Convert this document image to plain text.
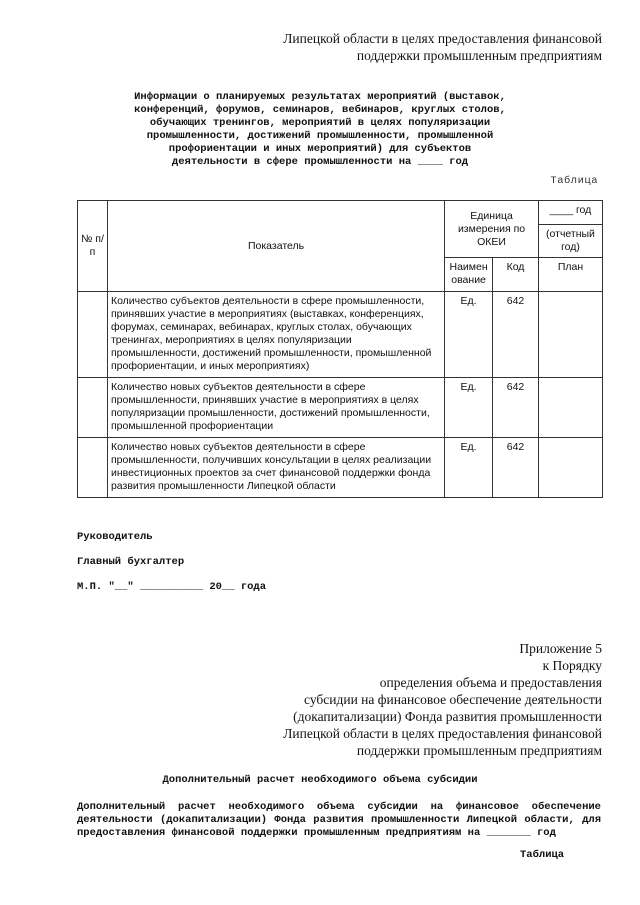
Липецкой области в целях предоставления финансовой
поддержки промышленным предприятиям
Информации о планируемых результатах мероприятий (выставок,
конференций, форумов, семинаров, вебинаров, круглых столов,
обучающих тренингов, мероприятий в целях популяризации
промышленности, достижений промышленности, промышленной
профориентации и иных мероприятий) для субъектов
деятельности в сфере промышленности на ____ год
Таблица
№ п/п	Показатель	Единица измерения по ОКЕИ		____ год
				(отчетный год)
		Наименование	Код	План
	Количество субъектов деятельности в сфере промышленности, принявших участие в мероприятиях (выставках, конференциях, форумах, семинарах, вебинарах, круглых столах, обучающих тренингах, мероприятиях в целях популяризации промышленности, достижений промышленности, промышленной профориентации, и иных мероприятиях)	Ед.	642	
	Количество новых субъектов деятельности в сфере промышленности, принявших участие в мероприятиях в целях популяризации промышленности, достижений промышленности, промышленной профориентации	Ед.	642	
	Количество новых субъектов деятельности в сфере промышленности, получивших консультации в целях реализации инвестиционных проектов за счет финансовой поддержки фонда развития промышленности Липецкой области	Ед.	642	
Руководитель
Главный бухгалтер
М.П. "__" __________ 20__ года
Приложение 5
к Порядку
определения объема и предоставления
субсидии на финансовое обеспечение деятельности
(докапитализации) Фонда развития промышленности
Липецкой области в целях предоставления финансовой
поддержки промышленным предприятиям
Дополнительный расчет необходимого объема субсидии
Дополнительный расчет необходимого объема субсидии на финансовое обеспечение деятельности (докапитализации) Фонда развития промышленности Липецкой области, для предоставления финансовой поддержки промышленным предприятиям на _______ год
Таблица
